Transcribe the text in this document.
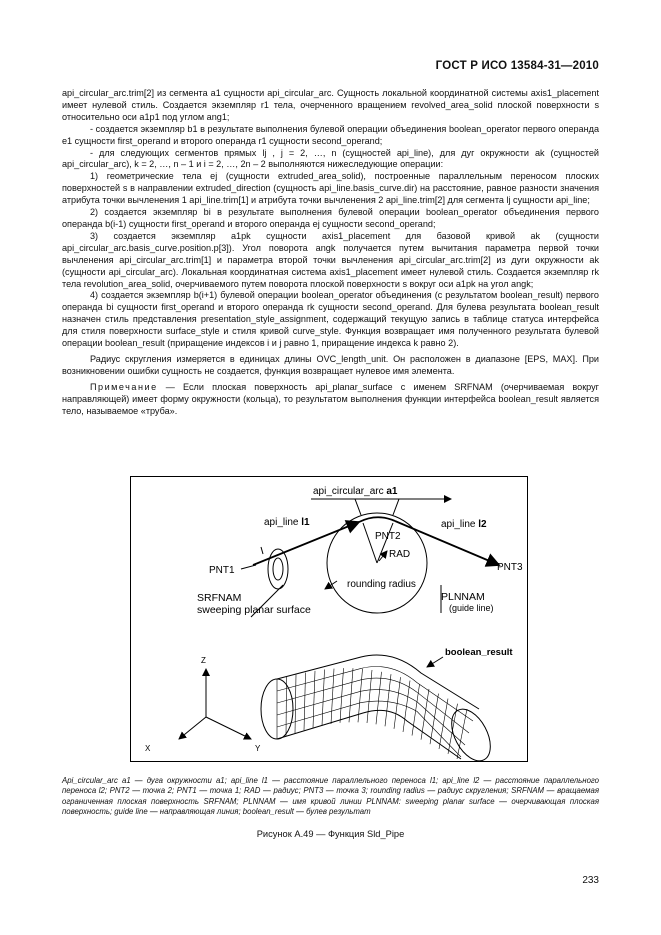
ГОСТ Р ИСО 13584-31—2010

api_circular_arc.trim[2] из сегмента a1 сущности api_circular_arc. Сущность локальной координатной системы axis1_placement имеет нулевой стиль. Создается экземпляр r1 тела, очерченного вращением revolved_area_solid плоской поверхности s относительно оси a1p1 под углом ang1;

- создается экземпляр b1 в результате выполнения булевой операции объединения boolean_operator первого операнда e1 сущности first_operand и второго операнда r1 сущности second_operand;

- для следующих сегментов прямых lj , j = 2, …, n (сущностей api_line), для дуг окружности ak (сущностей api_circular_arc), k = 2, …, n – 1 и i = 2, …, 2n – 2 выполняются нижеследующие операции:

1) геометрические тела ej (сущности extruded_area_solid), построенные параллельным переносом плоских поверхностей s в направлении extruded_direction (сущность api_line.basis_curve.dir) на расстояние, равное разности значения атрибута точки вычленения 1 api_line.trim[1] и атрибута точки вычленения 2 api_line.trim[2] для сегмента lj сущности api_line;

2) создается экземпляр bi в результате выполнения булевой операции boolean_operator объединения первого операнда b(i-1) сущности first_operand и второго операнда ej сущности second_operand;

3) создается экземпляр a1pk сущности axis1_placement для базовой кривой ak (сущности api_circular_arc.basis_curve.position.p[3]). Угол поворота angk получается путем вычитания параметра первой точки вычленения api_circular_arc.trim[1] и параметра второй точки вычленения api_circular_arc.trim[2] из дуги окружности ak (сущности api_circular_arc). Локальная координатная система axis1_placement имеет нулевой стиль. Создается экземпляр rk тела revolution_area_solid, очерчиваемого путем поворота плоской поверхности s вокруг оси a1pk на угол angk;

4) создается экземпляр b(i+1) булевой операции boolean_operator объединения (с результатом boolean_result) первого операнда bi сущности first_operand и второго операнда rk сущности second_operand. Для булева результата boolean_result назначен стиль представления presentation_style_assignment, содержащий текущую запись в таблице статуса интерфейса для стиля поверхности surface_style и стиля кривой curve_style. Функция возвращает имя полученного результата булевой операции boolean_result (приращение индексов i и j равно 1, приращение индекса k равно 2).

Радиус скругления измеряется в единицах длины OVC_length_unit. Он расположен в диапазоне [EPS, MAX]. При возникновении ошибки сущность не создается, функция возвращает нулевое имя элемента.

Примечание — Если плоская поверхность api_planar_surface с именем SRFNAM (очерчиваемая вокруг направляющей) имеет форму окружности (кольца), то результатом выполнения функции интерфейса boolean_result является тело, называемое «труба».

api_circular_arc a1
api_line l1	api_line l2
PNT1
PNT2
RAD
PNT3
rounding radius
SRFNAM
sweeping planar surface
PLNNAM
(guide line)
boolean_result
Z
X	Y
Api_circular_arc a1 — дуга окружности a1; api_line l1 — расстояние параллельного переноса l1; api_line l2 — расстояние параллельного переноса l2; PNT2 — точка 2; PNT1 — точка 1; RAD — радиус; PNT3 — точка 3; rounding radius — радиус скругления; SRFNAM — вращаемая ограниченная плоская поверхность SRFNAM; PLNNAM — имя кривой линии PLNNAM: sweeping planar surface — очерчивающая плоская поверхность; guide line — направляющая линия; boolean_result — булев результат
Рисунок А.49 — Функция Sld_Pipe
233
